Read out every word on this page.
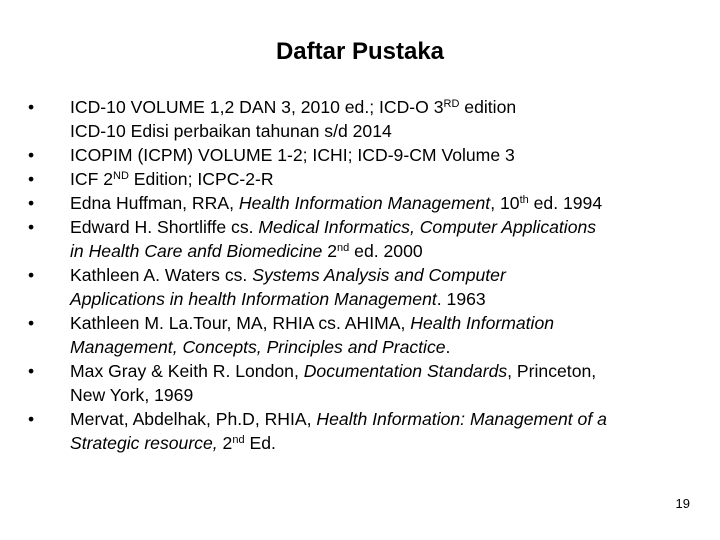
Daftar Pustaka
•	ICD-10 VOLUME 1,2 DAN 3, 2010 ed.; ICD-O 3RD edition
ICD-10 Edisi perbaikan tahunan s/d 2014
•	ICOPIM (ICPM) VOLUME 1-2; ICHI; ICD-9-CM Volume 3
•	ICF 2ND Edition; ICPC-2-R
•	Edna Huffman, RRA, Health Information Management, 10th ed. 1994
•	Edward H. Shortliffe cs. Medical Informatics, Computer Applications
in Health Care anfd Biomedicine 2nd ed. 2000
•	Kathleen A. Waters cs. Systems Analysis and Computer
Applications in health Information Management. 1963
•	Kathleen M. La.Tour, MA, RHIA cs. AHIMA, Health Information
Management, Concepts, Principles and Practice.
•	Max Gray & Keith R. London, Documentation Standards, Princeton,
New York, 1969
•	Mervat, Abdelhak, Ph.D, RHIA, Health Information: Management of a
Strategic resource, 2nd Ed.
19
